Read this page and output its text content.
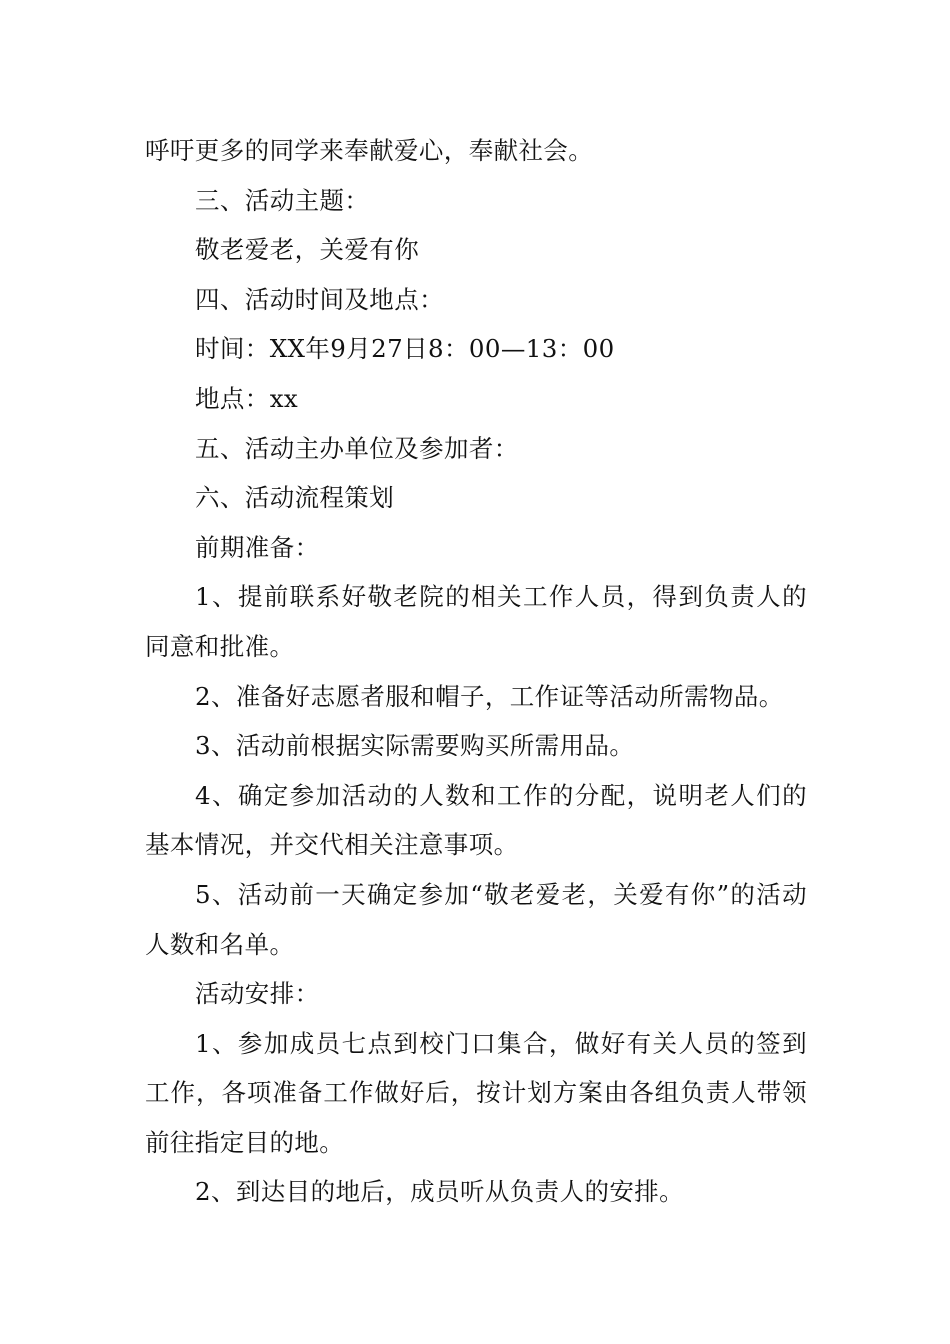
呼吁更多的同学来奉献爱心，奉献社会。

三、活动主题：

敬老爱老，关爱有你

四、活动时间及地点：

时间：XX年9月27日8：00—13：00

地点：xx

五、活动主办单位及参加者：

六、活动流程策划

前期准备：

1、提前联系好敬老院的相关工作人员，得到负责人的同意和批准。

2、准备好志愿者服和帽子，工作证等活动所需物品。

3、活动前根据实际需要购买所需用品。

4、确定参加活动的人数和工作的分配，说明老人们的基本情况，并交代相关注意事项。

5、活动前一天确定参加“敬老爱老，关爱有你”的活动人数和名单。

活动安排：

1、参加成员七点到校门口集合，做好有关人员的签到工作，各项准备工作做好后，按计划方案由各组负责人带领前往指定目的地。

2、到达目的地后，成员听从负责人的安排。
